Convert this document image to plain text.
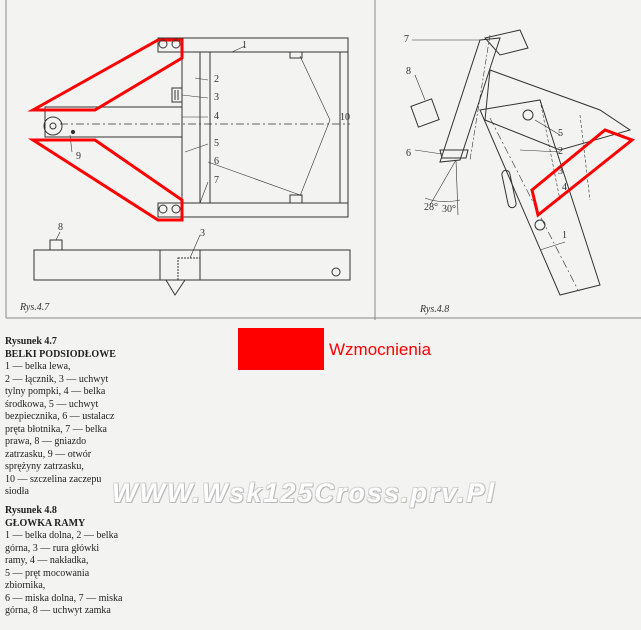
Rys.4.7	Rys.4.8
1
2
3
4
5
6
7
8
9
10
3
7
8
6
5
2
3
4
1
28° 30°
Wzmocnienia
Rysunek 4.7
BELKI PODSIODŁOWE
1 — belka lewa,
2 — łącznik, 3 — uchwyt
tylny pompki, 4 — belka
środkowa, 5 — uchwyt
bezpiecznika, 6 — ustalacz
pręta błotnika, 7 — belka
prawa, 8 — gniazdo
zatrzasku, 9 — otwór
sprężyny zatrzasku,
10 — szczelina zaczepu
siodła
Rysunek 4.8
GŁOWKA RAMY
1 — belka dolna, 2 — belka
górna, 3 — rura główki
ramy, 4 — nakładka,
5 — pręt mocowania
zbiornika,
6 — miska dolna, 7 — miska
górna, 8 — uchwyt zamka
WWW.Wsk125Cross.prv.Pl
